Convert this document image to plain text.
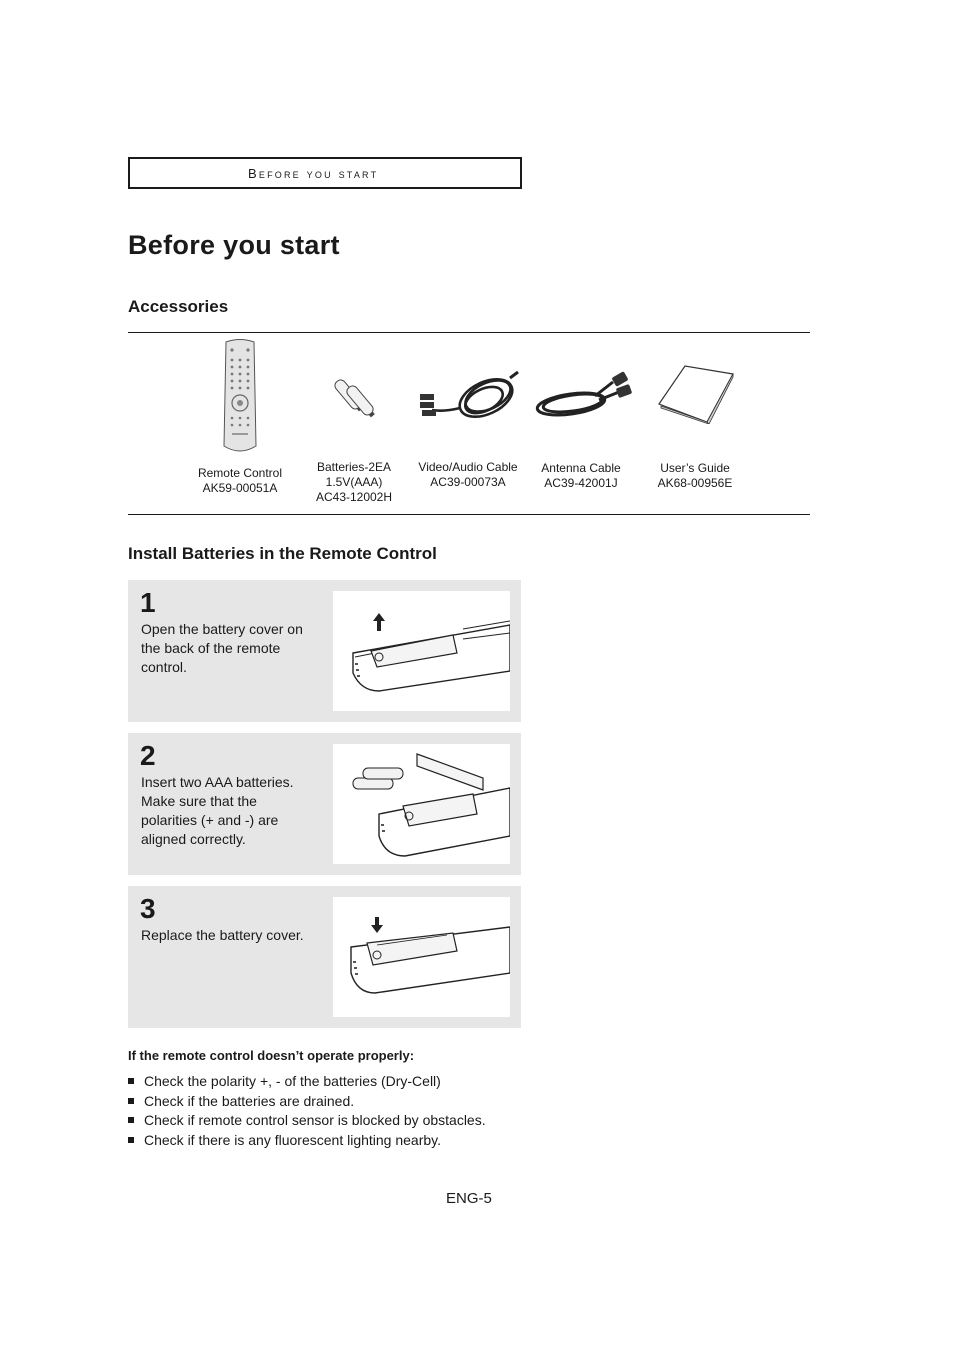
Before you start
Before you start
Accessories
Remote Control
AK59-00051A
Batteries-2EA
1.5V(AAA)
AC43-12002H
Video/Audio Cable
AC39-00073A
Antenna Cable
AC39-42001J
User’s Guide
AK68-00956E
Install Batteries in the Remote Control
1
Open the battery cover on the back of the remote control.
2
Insert two AAA batteries. Make sure that the polarities (+ and -) are aligned correctly.
3
Replace the battery cover.
If the remote control doesn’t operate properly:
Check the polarity +, - of the batteries (Dry-Cell)
Check if the batteries are drained.
Check if remote control sensor is blocked by obstacles.
Check if there is any fluorescent lighting nearby.
ENG-5
